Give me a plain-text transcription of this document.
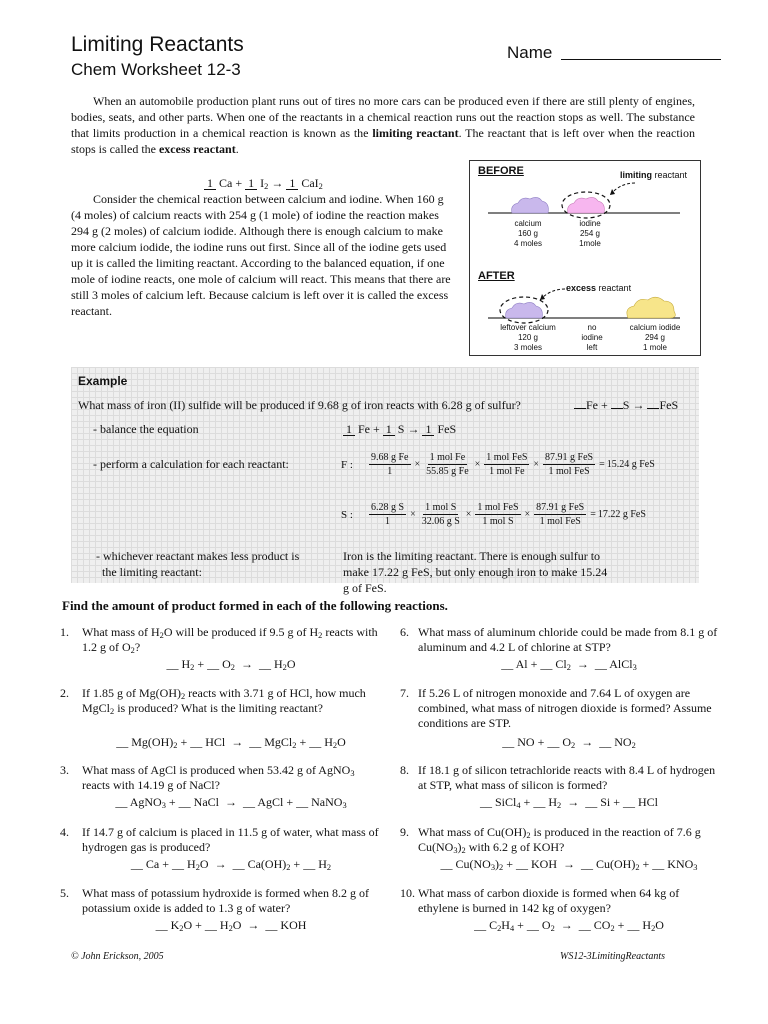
Limiting Reactants
Chem Worksheet 12-3
Name
When an automobile production plant runs out of tires no more cars can be produced even if there are still plenty of engines, bodies, seats, and other parts. When one of the reactants in a chemical reaction runs out the reaction stops as well. The substance that limits production in a chemical reaction is known as the limiting reactant. The reactant that is left over when the reaction stops is called the excess reactant.
1 Ca + 1 $I_2 \to 1$ CaI$_2$
Consider the chemical reaction between calcium and iodine. When 160 g (4 moles) of calcium reacts with 254 g (1 mole) of iodine the reaction makes 294 g (2 moles) of calcium iodide. Although there is enough calcium to make more calcium iodide, the iodine runs out first. Since all of the iodine gets used up it is called the limiting reactant. According to the balanced equation, if one mole of iodine reacts, one mole of calcium will react. This means that there are still 3 moles of calcium left. Because calcium is left over it is called the excess reactant.
BEFORE	limiting reactant
calcium
160 g
4 moles
iodine
254 g
1mole
AFTER
excess reactant
leftover calcium
120 g
3 moles
no
iodine
left
calcium iodide
294 g
1 mole
Example
What mass of iron (II) sulfide will be produced if 9.68 g of iron reacts with 6.28 g of sulfur?	Fe + S → FeS
- balance the equation	1 Fe + 1 S → 1 FeS
- perform a calculation for each reactant:	F :	$\frac{\text{9.68 g Fe}}{1} \times \frac{\text{1 mol Fe}}{\text{55.85 g Fe}} \times \frac{\text{1 mol FeS}}{\text{1 mol Fe}} \times \frac{\text{87.91 g FeS}}{\text{1 mol FeS}} = 15.24$ g FeS
S :	$\frac{\text{6.28 g S}}{1} \times \frac{\text{1 mol S}}{\text{32.06 g S}} \times \frac{\text{1 mol FeS}}{\text{1 mol S}} \times \frac{\text{87.91 g FeS}}{\text{1 mol FeS}} = 17.22$ g FeS
- whichever reactant makes less product is
the limiting reactant:
Iron is the limiting reactant. There is enough sulfur to make 17.22 g FeS, but only enough iron to make 15.24 g of FeS.
Find the amount of product formed in each of the following reactions.
1. What mass of $H_2O$ will be produced if 9.5 g of $H_2$ reacts with 1.2 g of $O_2$?
__ $H_2$ + __ $O_2$ →  __ $H_2O$
2. If 1.85 g of $Mg(OH)_2$ reacts with 3.71 g of HCl, how much MgCl$_2$ is produced? What is the limiting reactant?
__ $Mg(OH)_2$ + __ HCl →  __ MgCl$_2$ + __ $H_2O$
3. What mass of AgCl is produced when 53.42 g of AgNO$_3$ reacts with 14.19 g of NaCl?
__ AgNO$_3$ + __ NaCl →  __ AgCl + __ NaNO$_3$
4. If 14.7 g of calcium is placed in 11.5 g of water, what mass of hydrogen gas is produced?
__ Ca + __ $H_2O$ →  __ $Ca(OH)_2$ + __ $H_2$
5. What mass of potassium hydroxide is formed when 8.2 g of potassium oxide is added to 1.3 g of water?
__ $K_2O$ + __ $H_2O$ →  __ KOH
6. What mass of aluminum chloride could be made from 8.1 g of aluminum and 4.2 L of chlorine at STP?
__ Al + __ $Cl_2$ →  __ AlCl$_3$
7. If 5.26 L of nitrogen monoxide and 7.64 L of oxygen are combined, what mass of nitrogen dioxide is formed? Assume conditions are STP.
__ NO + __ $O_2$ →  __ $NO_2$
8. If 18.1 g of silicon tetrachloride reacts with 8.4 L of hydrogen at STP, what mass of silicon is formed?
__ SiCl$_4$ + __ $H_2$ →  __ Si + __ HCl
9. What mass of $Cu(OH)_2$ is produced in the reaction of 7.6 g $Cu(NO_3)_2$ with 6.2 g of KOH?
__ $Cu(NO_3)_2$ + __ KOH →  __ $Cu(OH)_2$ + __ $KNO_3$
10. What mass of carbon dioxide is formed when 64 kg of ethylene is burned in 142 kg of oxygen?
__ $C_2H_4$ + __ $O_2$ →  __ $CO_2$ + __ $H_2O$
© John Erickson, 2005	WS12-3LimitingReactants
